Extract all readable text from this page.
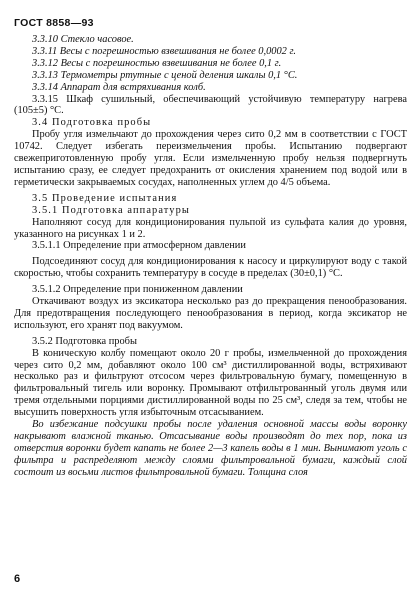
ГОСТ 8858—93

3.3.10 Стекло часовое.

3.3.11 Весы с погрешностью взвешивания не более 0,0002 г.

3.3.12 Весы с погрешностью взвешивания не более 0,1 г.

3.3.13 Термометры ртутные с ценой деления шкалы 0,1 °С.

3.3.14 Аппарат для встряхивания колб.

3.3.15 Шкаф сушильный, обеспечивающий устойчивую температуру нагрева (105±5) °С.

3.4 Подготовка пробы

Пробу угля измельчают до прохождения через сито 0,2 мм в соответствии с ГОСТ 10742. Следует избегать переизмельчения пробы. Испытанию подвергают свежеприготовленную пробу угля. Если измельченную пробу нельзя подвергнуть испытанию сразу, ее следует предохранить от окисления хранением под водой или в герметически закрываемых сосудах, наполненных углем до 4/5 объема.

3.5 Проведение испытания

3.5.1 Подготовка аппаратуры

Наполняют сосуд для кондиционирования пульпой из сульфата калия до уровня, указанного на рисунках 1 и 2.

3.5.1.1 Определение при атмосферном давлении

Подсоединяют сосуд для кондиционирования к насосу и циркулируют воду с такой скоростью, чтобы сохранить температуру в сосуде в пределах (30±0,1) °С.

3.5.1.2 Определение при пониженном давлении

Откачивают воздух из эксикатора несколько раз до прекращения пенообразования. Для предотвращения последующего пенообразования в период, когда эксикатор не используют, его хранят под вакуумом.

3.5.2 Подготовка пробы

В коническую колбу помещают около 20 г пробы, измельченной до прохождения через сито 0,2 мм, добавляют около 100 см³ дистиллированной воды, встряхивают несколько раз и фильтруют отсосом через фильтровальную бумагу, помещенную в фильтровальный тигель или воронку. Промывают отфильтрованный уголь двумя или тремя отдельными порциями дистиллированной воды по 25 см³, следя за тем, чтобы не высушить поверхность угля избыточным отсасыванием.

Во избежание подсушки пробы после удаления основной массы воды воронку накрывают влажной тканью. Отсасывание воды производят до тех пор, пока из отверстия воронки будет капать не более 2—3 капель воды в 1 мин. Вынимают уголь с фильтра и распределяют между слоями фильтровальной бумаги, каждый слой состоит из восьми листов фильтровальной бумаги. Толщина слоя

6
